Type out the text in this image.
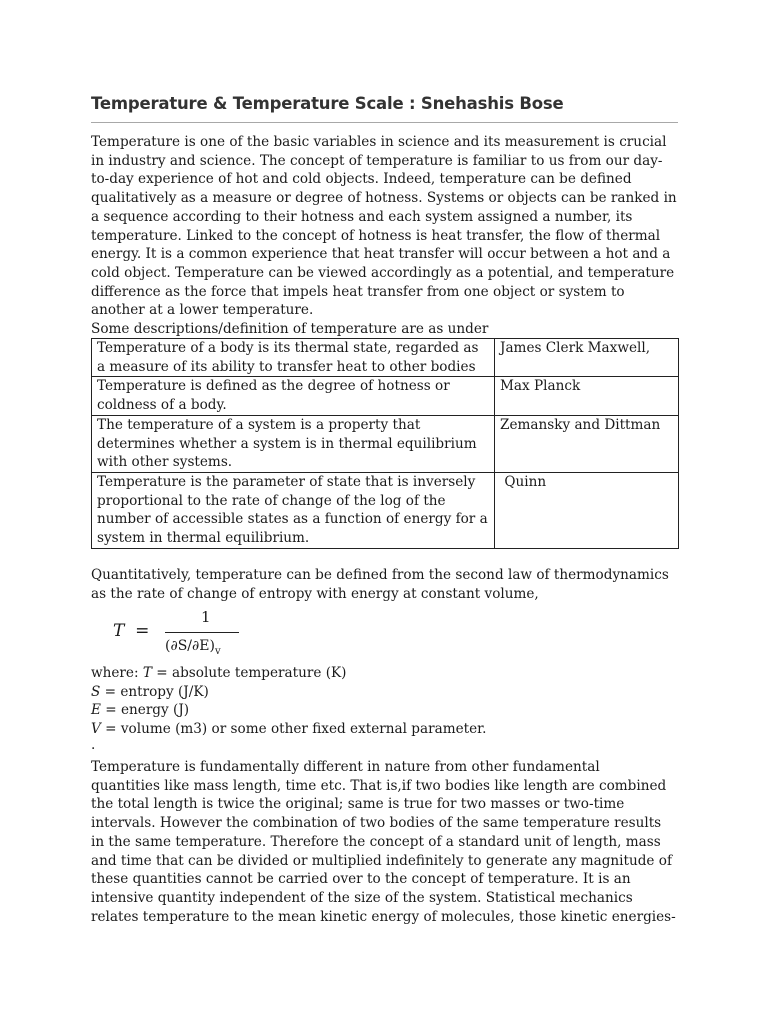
Temperature & Temperature Scale : Snehashis Bose
Temperature is one of the basic variables in science and its measurement is crucial
in industry and science. The concept of temperature is familiar to us from our day-
to-day experience of hot and cold objects. Indeed, temperature can be defined
qualitatively as a measure or degree of hotness. Systems or objects can be ranked in
a sequence according to their hotness and each system assigned a number, its
temperature. Linked to the concept of hotness is heat transfer, the flow of thermal
energy. It is a common experience that heat transfer will occur between a hot and a
cold object. Temperature can be viewed accordingly as a potential, and temperature
difference as the force that impels heat transfer from one object or system to
another at a lower temperature.
Some descriptions/definition of temperature are as under
Temperature of a body is its thermal state, regarded as
a measure of its ability to transfer heat to other bodies	James Clerk Maxwell,

Temperature is defined as the degree of hotness or
coldness of a body.	Max Planck

The temperature of a system is a property that
determines whether a system is in thermal equilibrium
with other systems.	Zemansky and Dittman

Temperature is the parameter of state that is inversely
proportional to the rate of change of the log of the
number of accessible states as a function of energy for a
system in thermal equilibrium.	Quinn
Quantitatively, temperature can be defined from the second law of thermodynamics
as the rate of change of entropy with energy at constant volume,
T =
1
$(\partial S/\partial E)_v$
where: T = absolute temperature (K)
S = entropy (J/K)
E = energy (J)
V = volume (m3) or some other fixed external parameter.
.
Temperature is fundamentally different in nature from other fundamental
quantities like mass length, time etc. That is,if two bodies like length are combined
the total length is twice the original; same is true for two masses or two-time
intervals. However the combination of two bodies of the same temperature results
in the same temperature. Therefore the concept of a standard unit of length, mass
and time that can be divided or multiplied indefinitely to generate any magnitude of
these quantities cannot be carried over to the concept of temperature. It is an
intensive quantity independent of the size of the system. Statistical mechanics
relates temperature to the mean kinetic energy of molecules, those kinetic energies-
